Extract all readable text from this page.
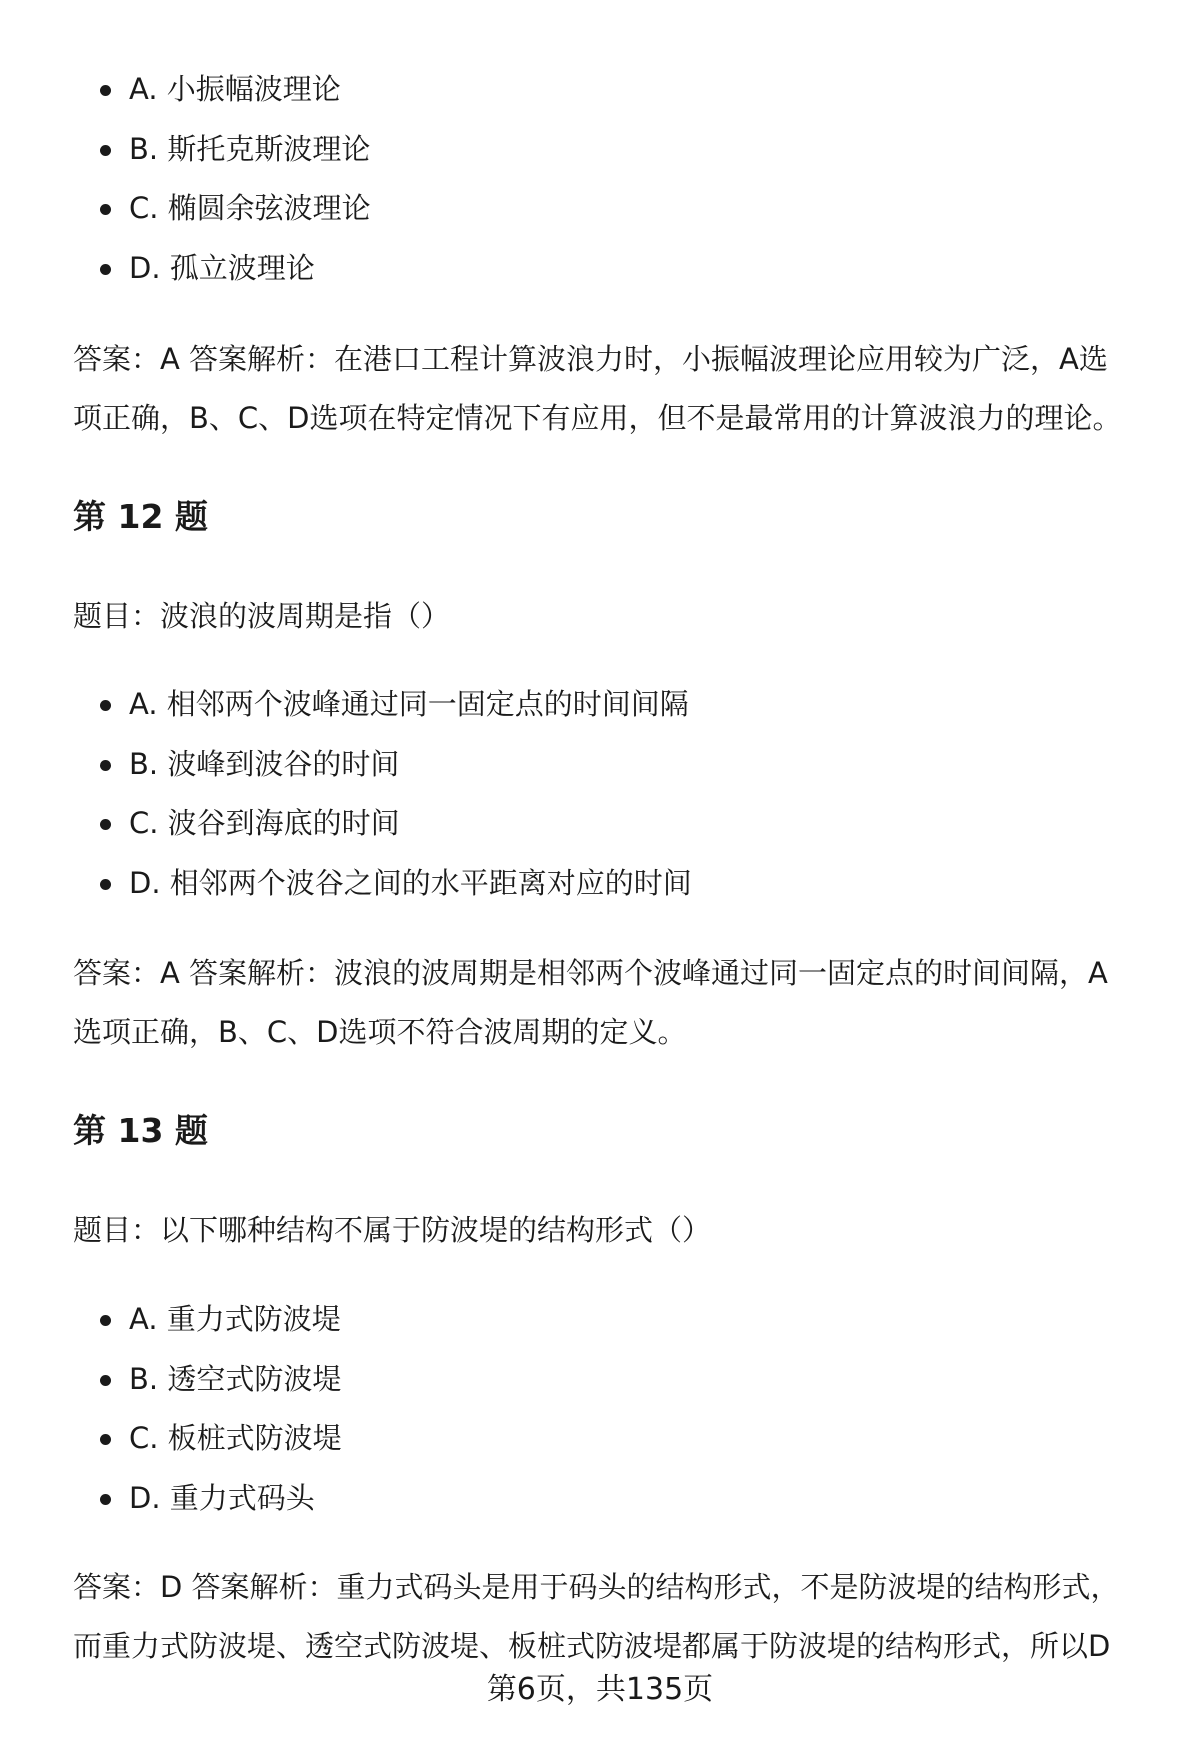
A. 小振幅波理论
B. 斯托克斯波理论
C. 椭圆余弦波理论
D. 孤立波理论

答案：A 答案解析：在港口工程计算波浪力时，小振幅波理论应用较为广泛，A选项正确，B、C、D选项在特定情况下有应用，但不是最常用的计算波浪力的理论。

第 12 题

题目：波浪的波周期是指（）

A. 相邻两个波峰通过同一固定点的时间间隔
B. 波峰到波谷的时间
C. 波谷到海底的时间
D. 相邻两个波谷之间的水平距离对应的时间

答案：A 答案解析：波浪的波周期是相邻两个波峰通过同一固定点的时间间隔，A选项正确，B、C、D选项不符合波周期的定义。

第 13 题

题目：以下哪种结构不属于防波堤的结构形式（）

A. 重力式防波堤
B. 透空式防波堤
C. 板桩式防波堤
D. 重力式码头

答案：D 答案解析：重力式码头是用于码头的结构形式，不是防波堤的结构形式，而重力式防波堤、透空式防波堤、板桩式防波堤都属于防波堤的结构形式，所以D

第6页，共135页
